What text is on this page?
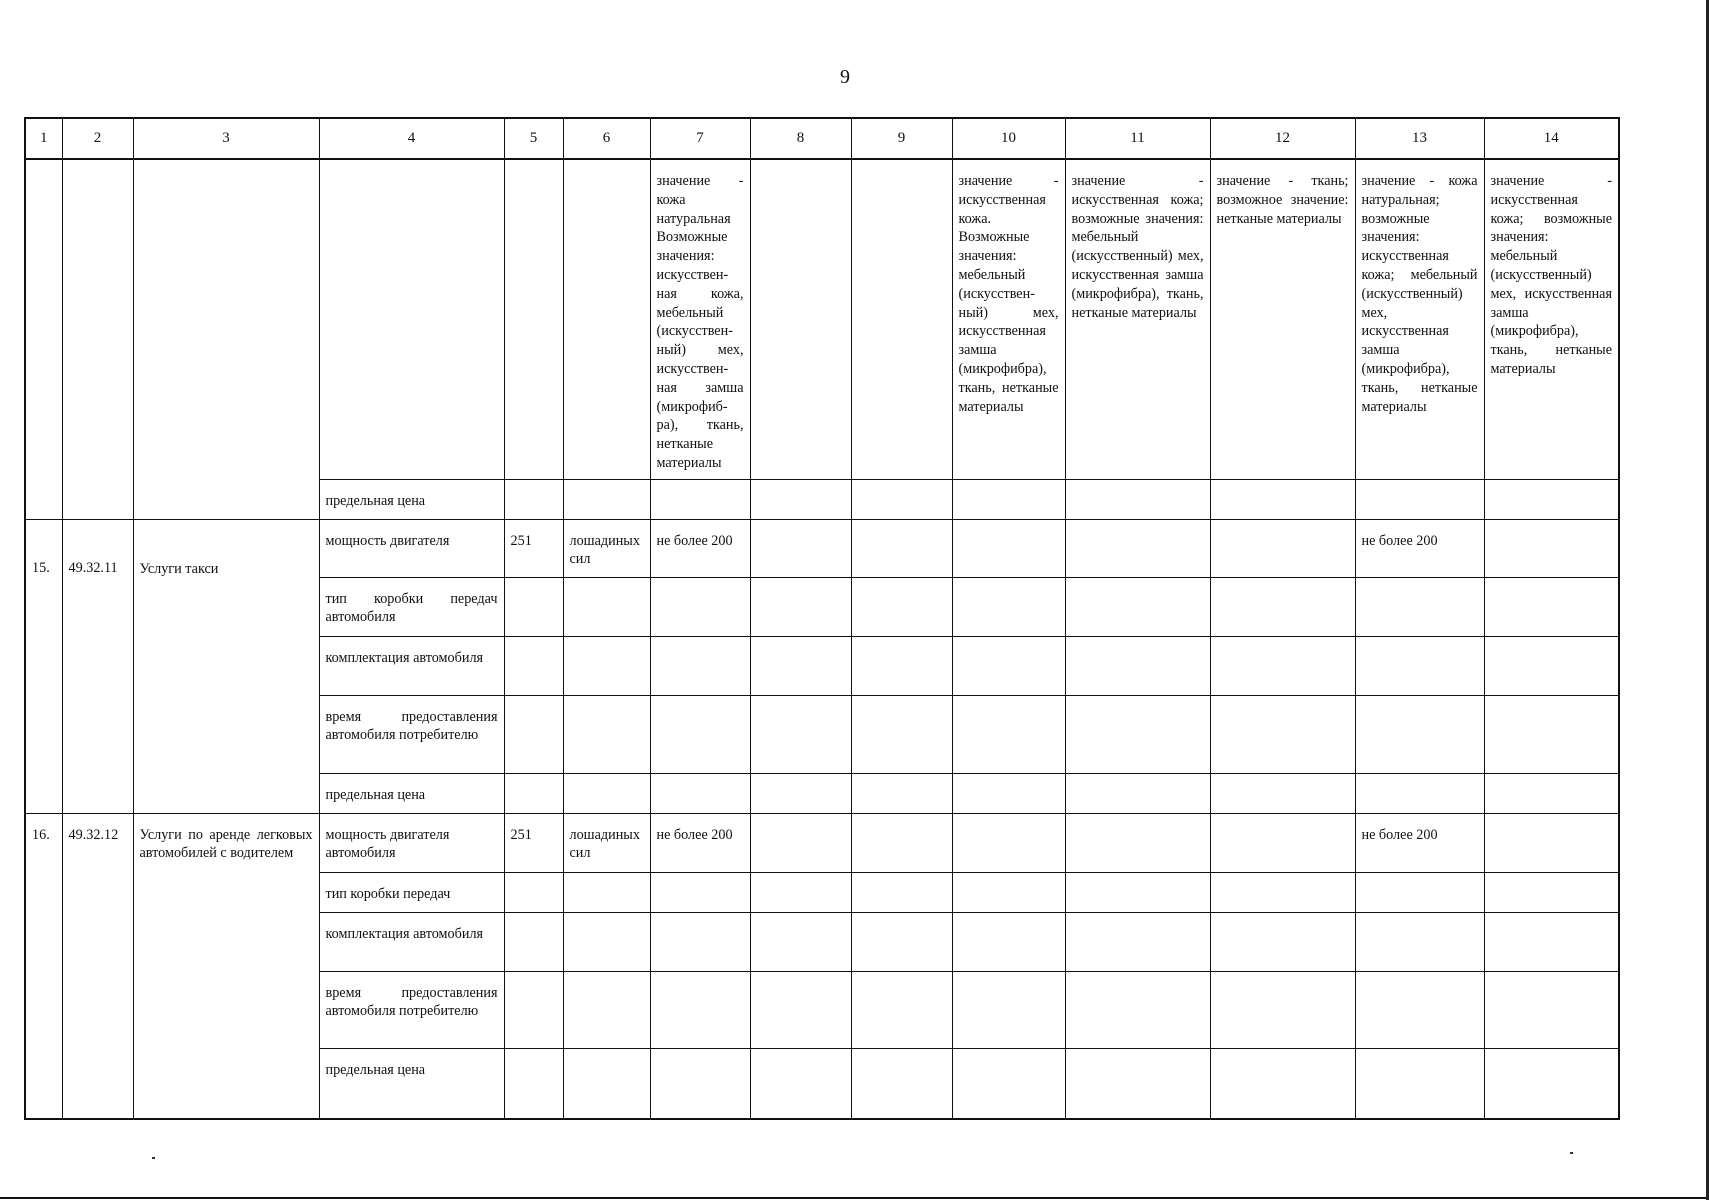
9
1	2	3	4	5	6	7	8	9	10	11	12	13	14
						значение - кожа натуральная Возможные значения: искусственная кожа, мебельный (искусственный) мех, искусственная замша (микрофибра), ткань, нетканые материалы			значение - искусственная кожа. Возможные значения: мебельный (искусственный) мех, искусственная замша (микрофибра), ткань, нетканые материалы	значение - искусственная кожа; возможные значения: мебельный (искусственный) мех, искусственная замша (микрофибра), ткань, нетканые материалы	значение - ткань; возможное значение: нетканые материалы	значение - кожа натуральная; возможные значения: искусственная кожа; мебельный (искусственный) мех, искусственная замша (микрофибра), ткань, нетканые материалы	значение - искусственная кожа; возможные значения: мебельный (искусственный) мех, искусственная замша (микрофибра), ткань, нетканые материалы
			предельная цена										
15.	49.32.11	Услуги такси	мощность двигателя	251	лошадиных сил	не более 200						не более 200	
			тип коробки передач автомобиля										
			комплектация автомобиля										
			время предоставления автомобиля потребителю										
			предельная цена										
16.	49.32.12	Услуги по аренде легковых автомобилей с водителем	мощность двигателя автомобиля	251	лошадиных сил	не более 200						не более 200	
			тип коробки передач										
			комплектация автомобиля										
			время предоставления автомобиля потребителю										
			предельная цена										
